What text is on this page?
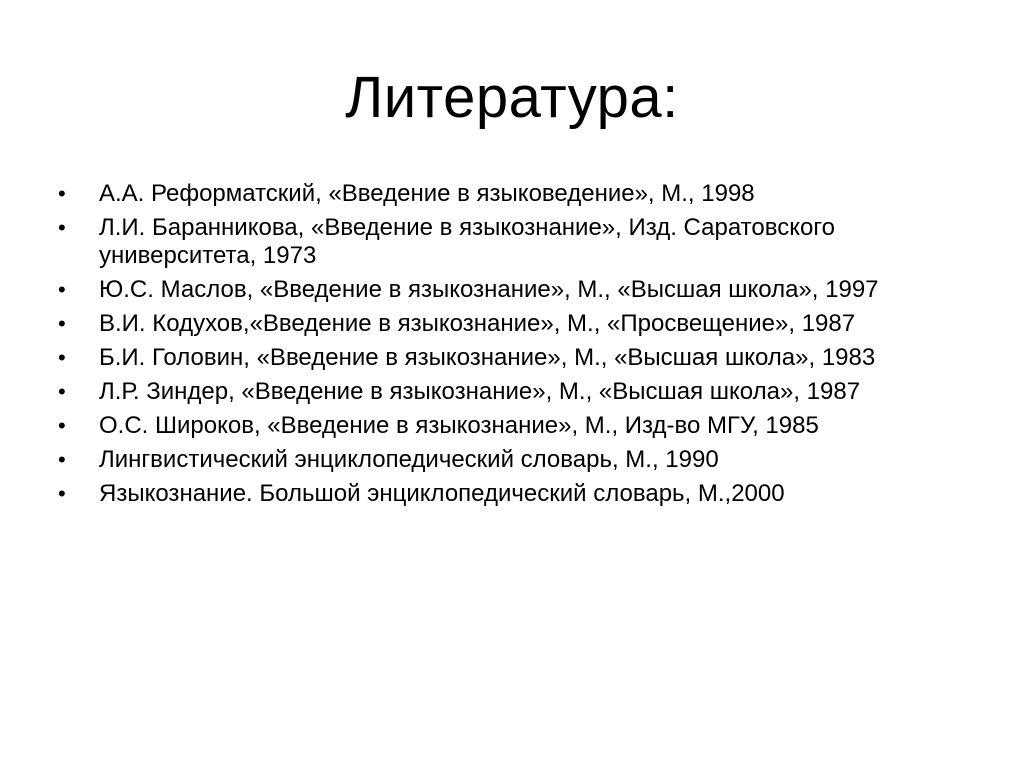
Литература:
•	А.А. Реформатский, «Введение в языковедение», М., 1998
•	Л.И. Баранникова, «Введение в языкознание», Изд. Саратовского университета, 1973
•	Ю.С. Маслов, «Введение в языкознание», М., «Высшая школа», 1997
•	В.И. Кодухов,«Введение в языкознание», М., «Просвещение», 1987
•	Б.И. Головин, «Введение в языкознание», М., «Высшая школа», 1983
•	Л.Р. Зиндер, «Введение в языкознание», М., «Высшая школа», 1987
•	О.С. Широков, «Введение в языкознание», М., Изд-во МГУ, 1985
•	Лингвистический энциклопедический словарь, М., 1990
•	Языкознание. Большой энциклопедический словарь, М.,2000
